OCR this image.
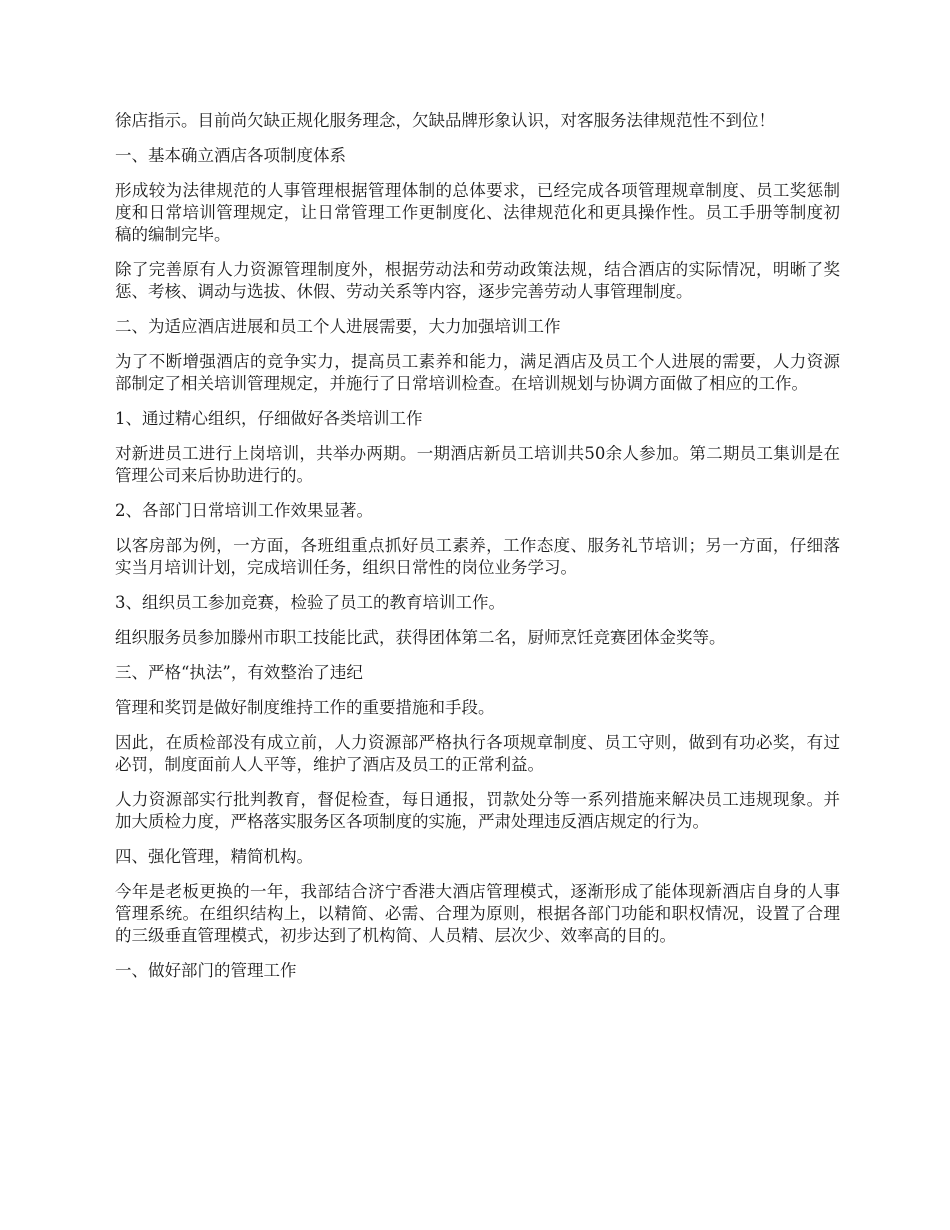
徐店指示。目前尚欠缺正规化服务理念，欠缺品牌形象认识，对客服务法律规范性不到位！

一、基本确立酒店各项制度体系

形成较为法律规范的人事管理根据管理体制的总体要求，已经完成各项管理规章制度、员工奖惩制度和日常培训管理规定，让日常管理工作更制度化、法律规范化和更具操作性。员工手册等制度初稿的编制完毕。

除了完善原有人力资源管理制度外，根据劳动法和劳动政策法规，结合酒店的实际情况，明晰了奖惩、考核、调动与选拔、休假、劳动关系等内容，逐步完善劳动人事管理制度。

二、为适应酒店进展和员工个人进展需要，大力加强培训工作

为了不断增强酒店的竞争实力，提高员工素养和能力，满足酒店及员工个人进展的需要，人力资源部制定了相关培训管理规定，并施行了日常培训检查。在培训规划与协调方面做了相应的工作。

1、通过精心组织，仔细做好各类培训工作

对新进员工进行上岗培训，共举办两期。一期酒店新员工培训共50余人参加。第二期员工集训是在管理公司来后协助进行的。

2、各部门日常培训工作效果显著。

以客房部为例，一方面，各班组重点抓好员工素养，工作态度、服务礼节培训；另一方面，仔细落实当月培训计划，完成培训任务，组织日常性的岗位业务学习。

3、组织员工参加竞赛，检验了员工的教育培训工作。

组织服务员参加滕州市职工技能比武，获得团体第二名，厨师烹饪竞赛团体金奖等。

三、严格“执法”，有效整治了违纪

管理和奖罚是做好制度维持工作的重要措施和手段。

因此，在质检部没有成立前，人力资源部严格执行各项规章制度、员工守则，做到有功必奖，有过必罚，制度面前人人平等，维护了酒店及员工的正常利益。

人力资源部实行批判教育，督促检查，每日通报，罚款处分等一系列措施来解决员工违规现象。并加大质检力度，严格落实服务区各项制度的实施，严肃处理违反酒店规定的行为。

四、强化管理，精简机构。

今年是老板更换的一年，我部结合济宁香港大酒店管理模式，逐渐形成了能体现新酒店自身的人事管理系统。在组织结构上，以精简、必需、合理为原则，根据各部门功能和职权情况，设置了合理的三级垂直管理模式，初步达到了机构简、人员精、层次少、效率高的目的。

一、做好部门的管理工作
